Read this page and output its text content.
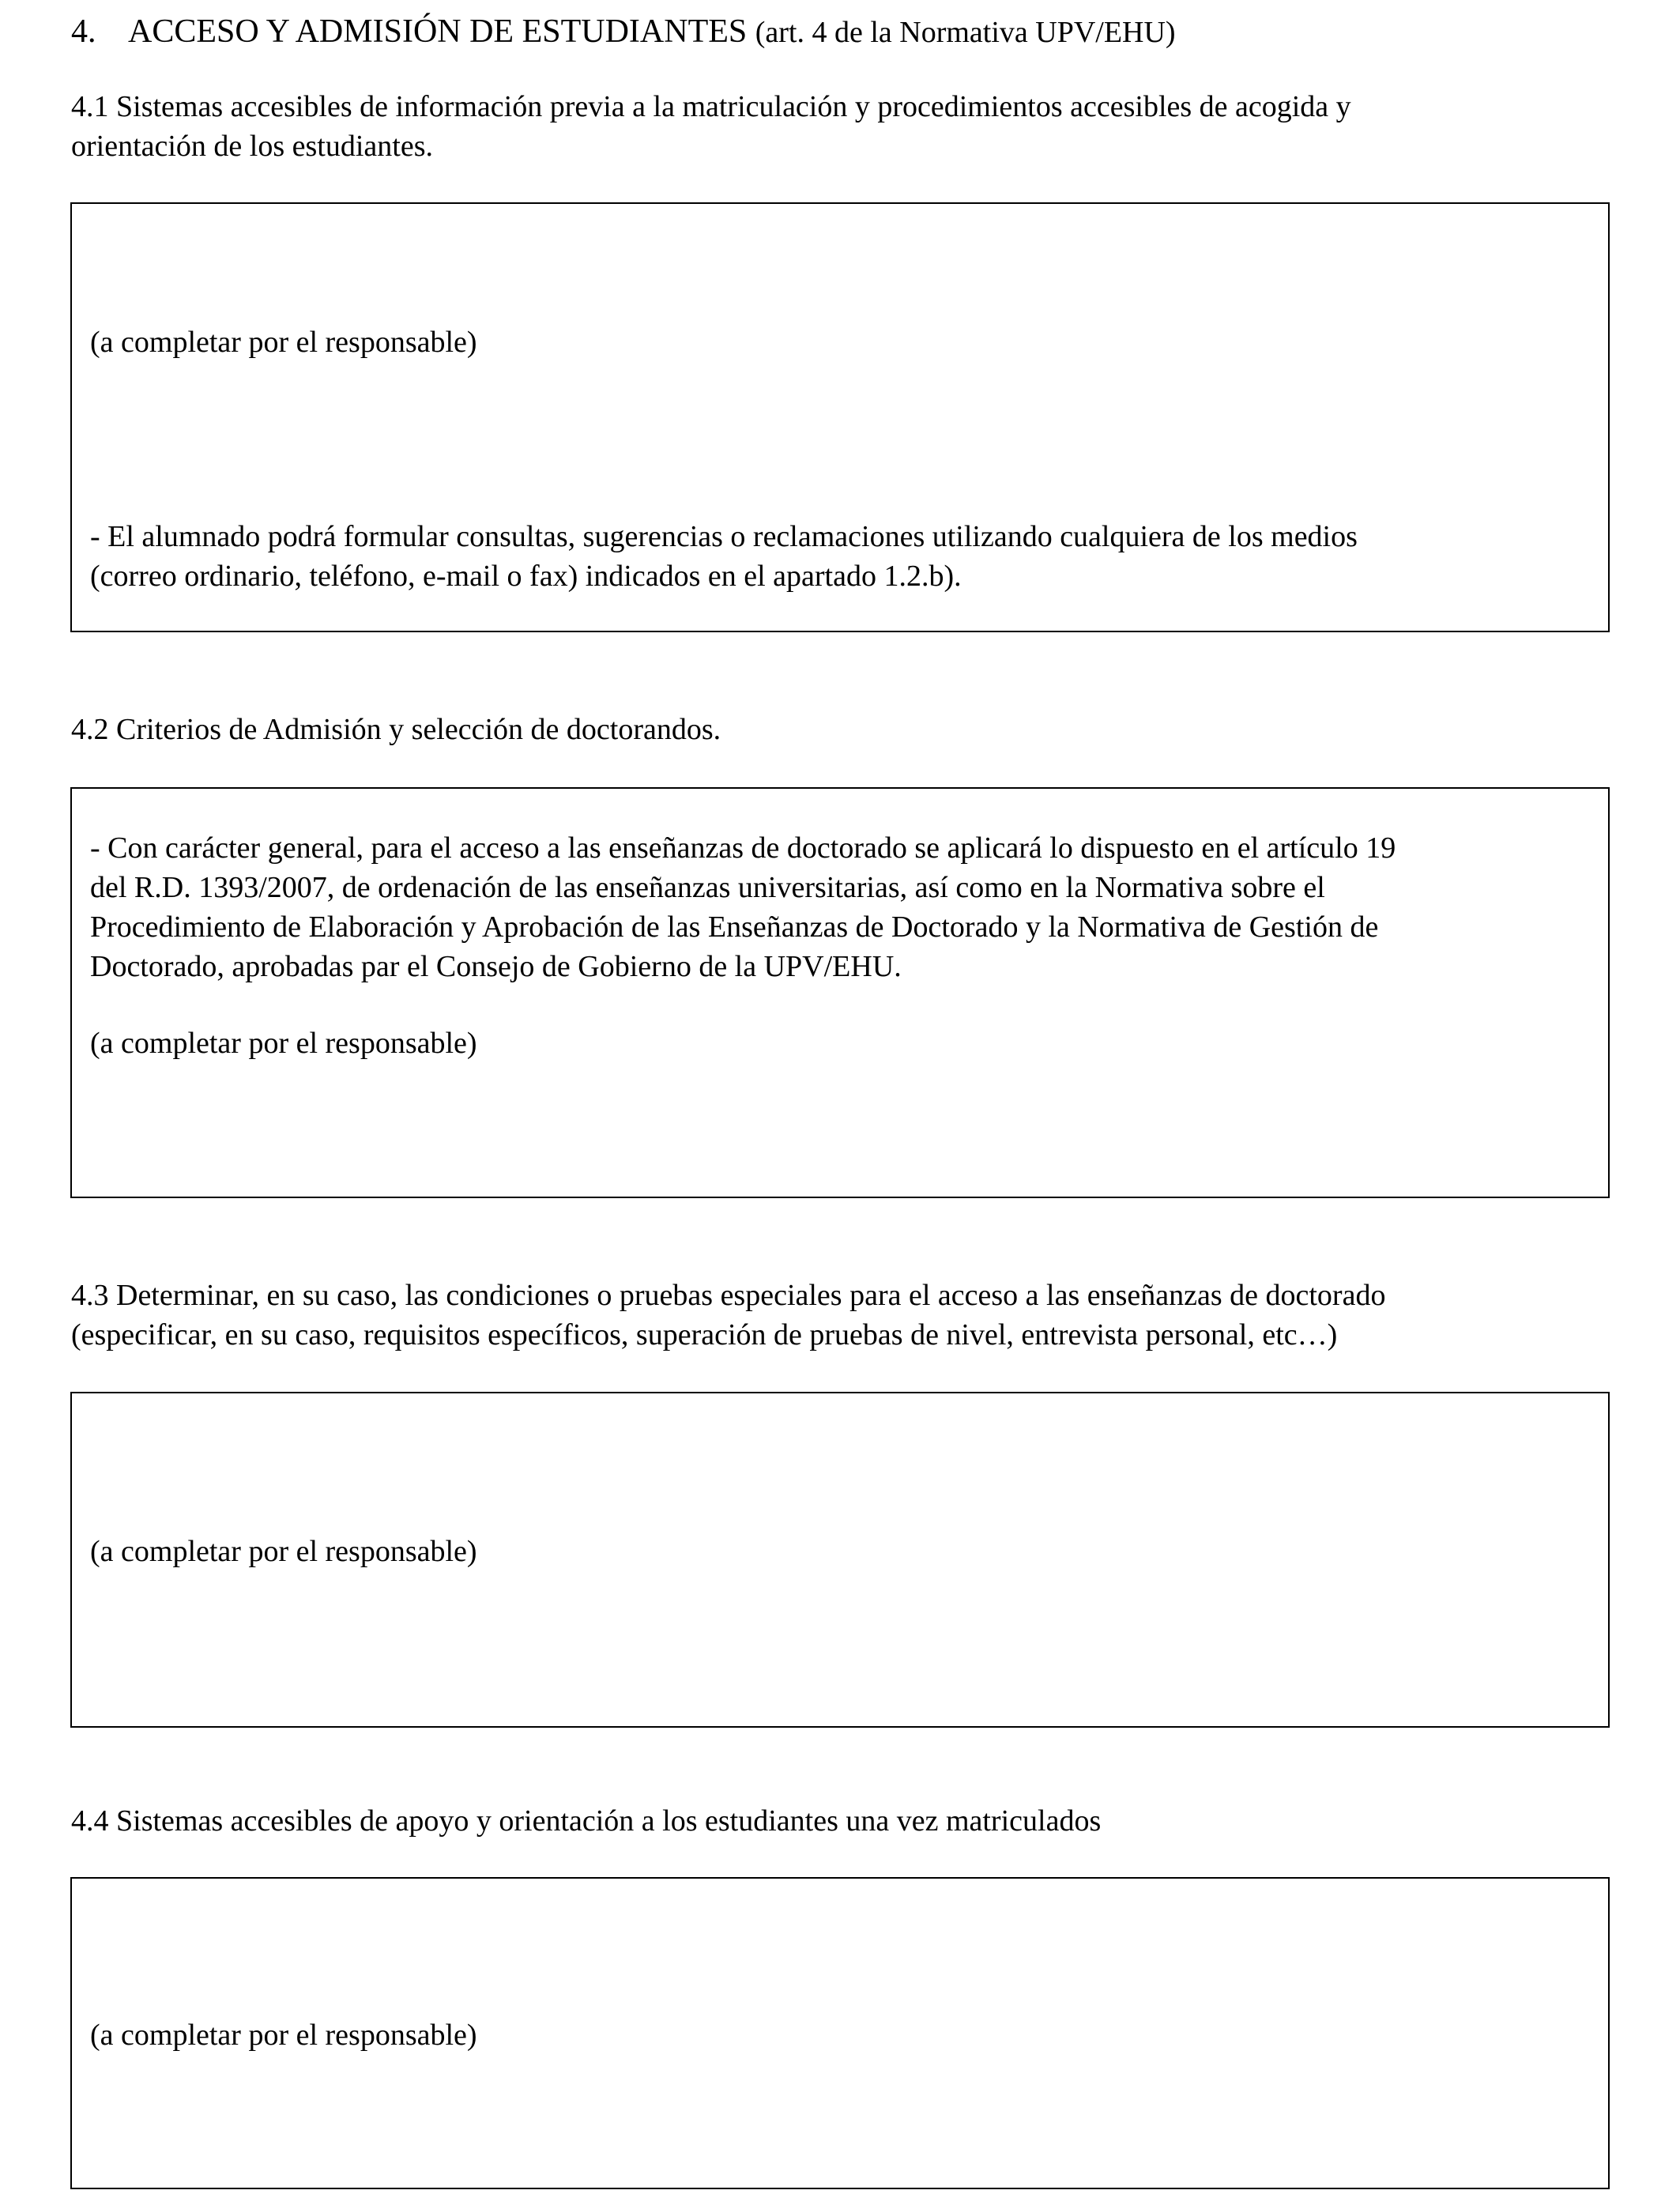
4. ACCESO Y ADMISIÓN DE ESTUDIANTES (art. 4 de la Normativa UPV/EHU)
4.1 Sistemas accesibles de información previa a la matriculación y procedimientos accesibles de acogida y
orientación de los estudiantes.
(a completar por el responsable)
- El alumnado podrá formular consultas, sugerencias o reclamaciones utilizando cualquiera de los medios
(correo ordinario, teléfono, e-mail o fax) indicados en el apartado 1.2.b).
4.2 Criterios de Admisión y selección de doctorandos.
- Con carácter general, para el acceso a las enseñanzas de doctorado se aplicará lo dispuesto en el artículo 19
del R.D. 1393/2007, de ordenación de las enseñanzas universitarias, así como en la Normativa sobre el
Procedimiento de Elaboración y Aprobación de las Enseñanzas de Doctorado y la Normativa de Gestión de
Doctorado, aprobadas par el Consejo de Gobierno de la UPV/EHU.
(a completar por el responsable)
4.3 Determinar, en su caso, las condiciones o pruebas especiales para el acceso a las enseñanzas de doctorado
(especificar, en su caso, requisitos específicos, superación de pruebas de nivel, entrevista personal, etc…)
(a completar por el responsable)
4.4 Sistemas accesibles de apoyo y orientación a los estudiantes una vez matriculados
(a completar por el responsable)
